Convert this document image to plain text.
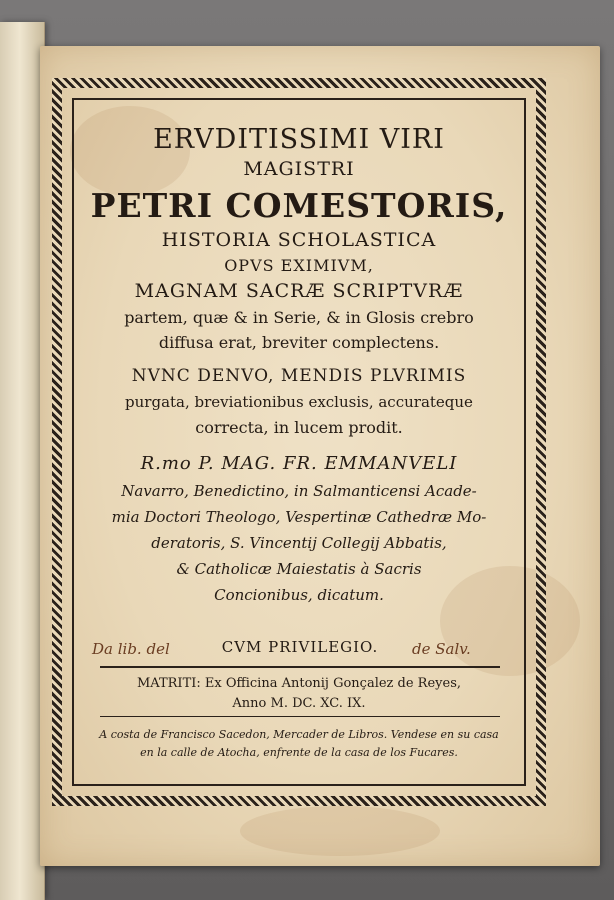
ERVDITISSIMI VIRI
MAGISTRI
PETRI COMESTORIS,
HISTORIA SCHOLASTICA
OPVS EXIMIVM,
MAGNAM SACRÆ SCRIPTVRÆ
partem, quæ & in Serie, & in Glosis crebro
diffusa erat, breviter complectens.
NVNC DENVO, MENDIS PLVRIMIS
purgata, breviationibus exclusis, accurateque
correcta, in lucem prodit.
R.mo P. MAG. FR. EMMANVELI
Navarro, Benedictino, in Salmanticensi Acade-
mia Doctori Theologo, Vespertinæ Cathedræ Mo-
deratoris, S. Vincentij Collegij Abbatis,
& Catholicæ Maiestatis à Sacris
Concionibus, dicatum.
Da lib. del	CVM PRIVILEGIO.	de Salv.
MATRITI: Ex Officina Antonij Gonçalez de Reyes,
Anno M. DC. XC. IX.
A costa de Francisco Sacedon, Mercader de Libros. Vendese en su casa
en la calle de Atocha, enfrente de la casa de los Fucares.
